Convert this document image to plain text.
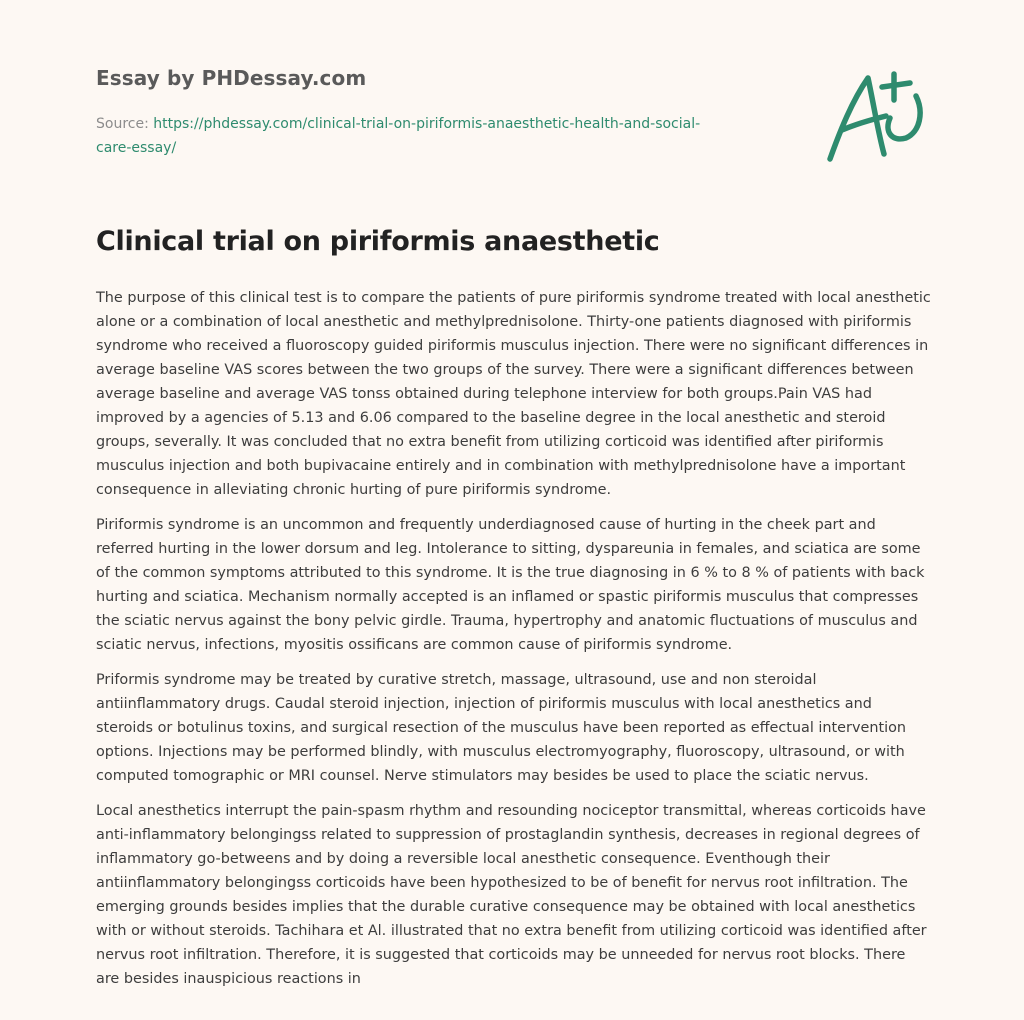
Essay by PHDessay.com
Source: https://phdessay.com/clinical-trial-on-piriformis-anaesthetic-health-and-social-
care-essay/
Clinical trial on piriformis anaesthetic

The purpose of this clinical test is to compare the patients of pure piriformis syndrome treated with local anesthetic alone or a combination of local anesthetic and methylprednisolone. Thirty-one patients diagnosed with piriformis syndrome who received a fluoroscopy guided piriformis musculus injection. There were no significant differences in average baseline VAS scores between the two groups of the survey. There were a significant differences between average baseline and average VAS tonss obtained during telephone interview for both groups.Pain VAS had improved by a agencies of 5.13 and 6.06 compared to the baseline degree in the local anesthetic and steroid groups, severally. It was concluded that no extra benefit from utilizing corticoid was identified after piriformis musculus injection and both bupivacaine entirely and in combination with methylprednisolone have a important consequence in alleviating chronic hurting of pure piriformis syndrome.

Piriformis syndrome is an uncommon and frequently underdiagnosed cause of hurting in the cheek part and referred hurting in the lower dorsum and leg. Intolerance to sitting, dyspareunia in females, and sciatica are some of the common symptoms attributed to this syndrome. It is the true diagnosing in 6 % to 8 % of patients with back hurting and sciatica. Mechanism normally accepted is an inflamed or spastic piriformis musculus that compresses the sciatic nervus against the bony pelvic girdle. Trauma, hypertrophy and anatomic fluctuations of musculus and sciatic nervus, infections, myositis ossificans are common cause of piriformis syndrome.

Priformis syndrome may be treated by curative stretch, massage, ultrasound, use and non steroidal antiinflammatory drugs. Caudal steroid injection, injection of piriformis musculus with local anesthetics and steroids or botulinus toxins, and surgical resection of the musculus have been reported as effectual intervention options. Injections may be performed blindly, with musculus electromyography, fluoroscopy, ultrasound, or with computed tomographic or MRI counsel. Nerve stimulators may besides be used to place the sciatic nervus.

Local anesthetics interrupt the pain-spasm rhythm and resounding nociceptor transmittal, whereas corticoids have anti-inflammatory belongingss related to suppression of prostaglandin synthesis, decreases in regional degrees of inflammatory go-betweens and by doing a reversible local anesthetic consequence. Eventhough their antiinflammatory belongingss corticoids have been hypothesized to be of benefit for nervus root infiltration. The emerging grounds besides implies that the durable curative consequence may be obtained with local anesthetics with or without steroids. Tachihara et Al. illustrated that no extra benefit from utilizing corticoid was identified after nervus root infiltration. Therefore, it is suggested that corticoids may be unneeded for nervus root blocks. There are besides inauspicious reactions in
